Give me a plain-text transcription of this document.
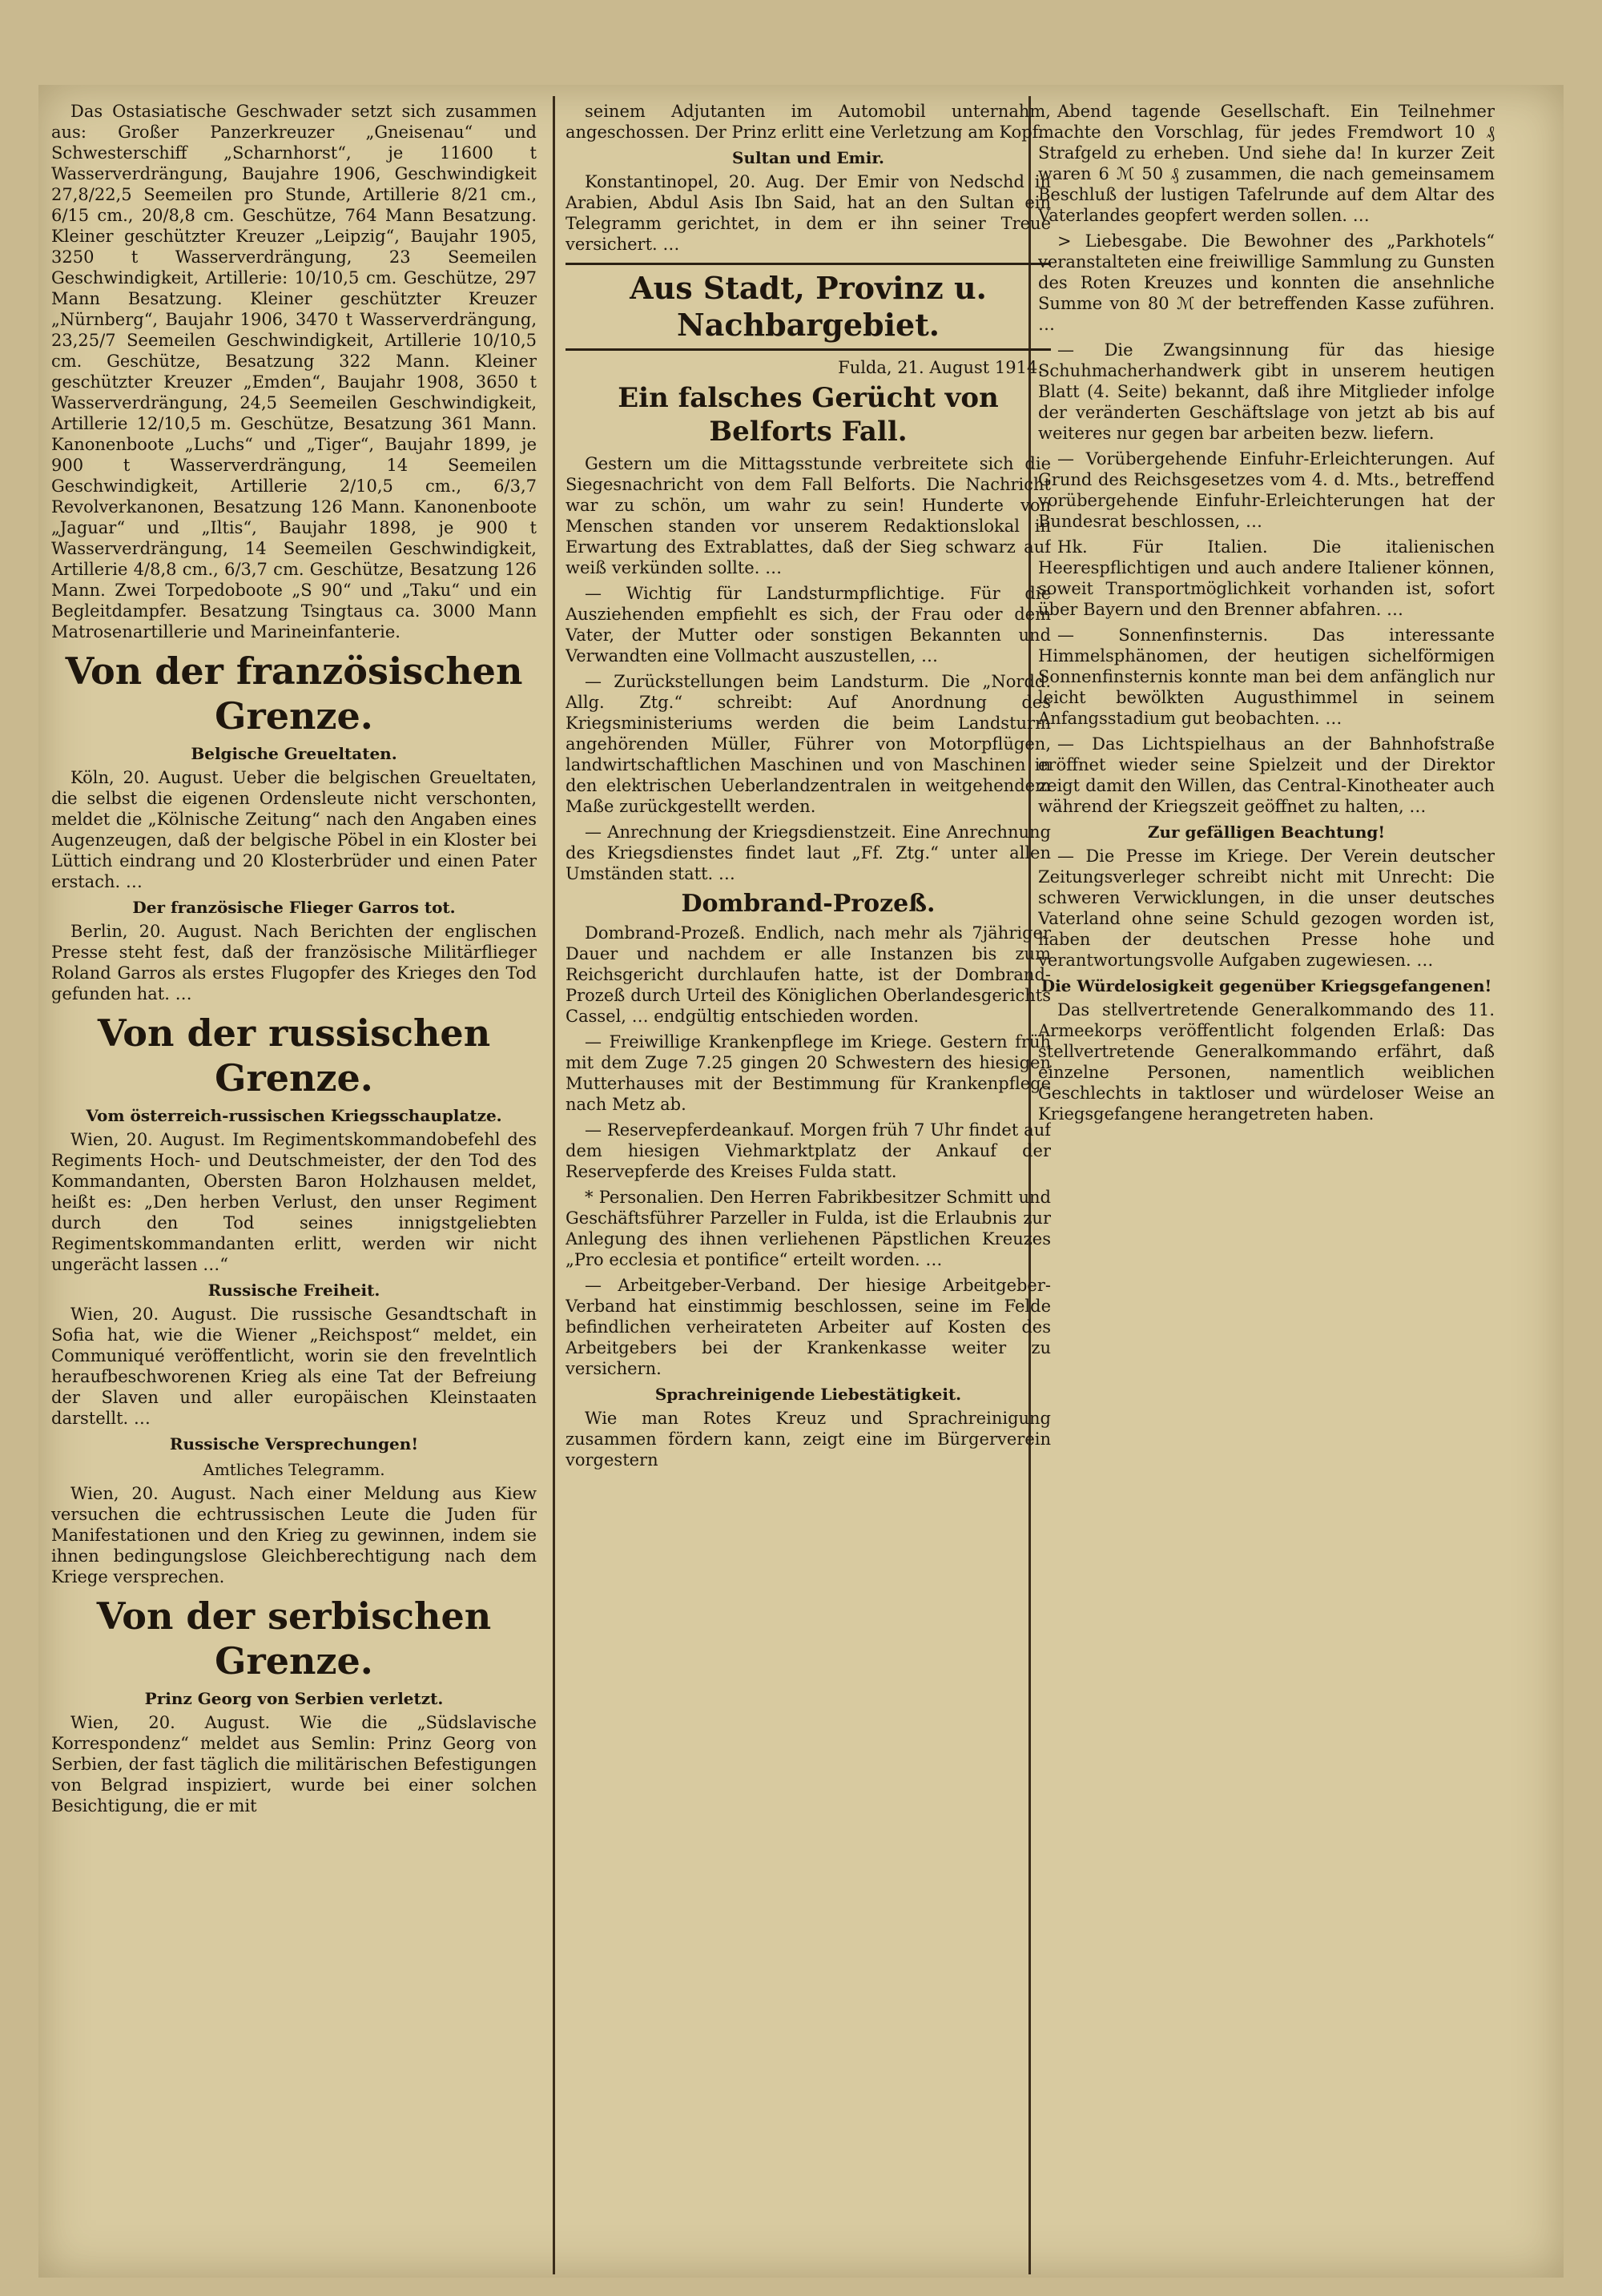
Das Ostasiatische Geschwader setzt sich zusammen aus: Großer Panzerkreuzer „Gneisenau“ und Schwesterschiff „Scharnhorst“, je 11600 t Wasserverdrängung, Baujahre 1906, Geschwindigkeit 27,8/22,5 Seemeilen pro Stunde, Artillerie 8/21 cm., 6/15 cm., 20/8,8 cm. Geschütze, 764 Mann Besatzung. Kleiner geschützter Kreuzer „Leipzig“, Baujahr 1905, 3250 t Wasserverdrängung, 23 Seemeilen Geschwindigkeit, Artillerie: 10/10,5 cm. Geschütze, 297 Mann Besatzung. Kleiner geschützter Kreuzer „Nürnberg“, Baujahr 1906, 3470 t Wasserverdrängung, 23,25/7 Seemeilen Geschwindigkeit, Artillerie 10/10,5 cm. Geschütze, Besatzung 322 Mann. Kleiner geschützter Kreuzer „Emden“, Baujahr 1908, 3650 t Wasserverdrängung, 24,5 Seemeilen Geschwindigkeit, Artillerie 12/10,5 m. Geschütze, Besatzung 361 Mann. Kanonenboote „Luchs“ und „Tiger“, Baujahr 1899, je 900 t Wasserverdrängung, 14 Seemeilen Geschwindigkeit, Artillerie 2/10,5 cm., 6/3,7 Revolverkanonen, Besatzung 126 Mann. Kanonenboote „Jaguar“ und „Iltis“, Baujahr 1898, je 900 t Wasserverdrängung, 14 Seemeilen Geschwindigkeit, Artillerie 4/8,8 cm., 6/3,7 cm. Geschütze, Besatzung 126 Mann. Zwei Torpedoboote „S 90“ und „Taku“ und ein Begleitdampfer. Besatzung Tsingtaus ca. 3000 Mann Matrosenartillerie und Marineinfanterie.

Von der französischen Grenze.
Belgische Greueltaten.

Köln, 20. August. Ueber die belgischen Greueltaten, die selbst die eigenen Ordensleute nicht verschonten, meldet die „Kölnische Zeitung“ nach den Angaben eines Augenzeugen, daß der belgische Pöbel in ein Kloster bei Lüttich eindrang und 20 Klosterbrüder und einen Pater erstach. …

Der französische Flieger Garros tot.

Berlin, 20. August. Nach Berichten der englischen Presse steht fest, daß der französische Militärflieger Roland Garros als erstes Flugopfer des Krieges den Tod gefunden hat. …

Von der russischen Grenze.
Vom österreich-russischen Kriegsschauplatze.

Wien, 20. August. Im Regimentskommandobefehl des Regiments Hoch- und Deutschmeister, der den Tod des Kommandanten, Obersten Baron Holzhausen meldet, heißt es: „Den herben Verlust, den unser Regiment durch den Tod seines innigstgeliebten Regimentskommandanten erlitt, werden wir nicht ungerächt lassen …“

Russische Freiheit.

Wien, 20. August. Die russische Gesandtschaft in Sofia hat, wie die Wiener „Reichspost“ meldet, ein Communiqué veröffentlicht, worin sie den frevelntlich heraufbeschworenen Krieg als eine Tat der Befreiung der Slaven und aller europäischen Kleinstaaten darstellt. …

Russische Versprechungen!
Amtliches Telegramm.

Wien, 20. August. Nach einer Meldung aus Kiew versuchen die echtrussischen Leute die Juden für Manifestationen und den Krieg zu gewinnen, indem sie ihnen bedingungslose Gleichberechtigung nach dem Kriege versprechen.

Von der serbischen Grenze.
Prinz Georg von Serbien verletzt.

Wien, 20. August. Wie die „Südslavische Korrespondenz“ meldet aus Semlin: Prinz Georg von Serbien, der fast täglich die militärischen Befestigungen von Belgrad inspiziert, wurde bei einer solchen Besichtigung, die er mit

seinem Adjutanten im Automobil unternahm, angeschossen. Der Prinz erlitt eine Verletzung am Kopf.

Sultan und Emir.

Konstantinopel, 20. Aug. Der Emir von Nedschd in Arabien, Abdul Asis Ibn Said, hat an den Sultan ein Telegramm gerichtet, in dem er ihn seiner Treue versichert. …

Aus Stadt, Provinz u. Nachbargebiet.
Fulda, 21. August 1914.
Ein falsches Gerücht von Belforts Fall.

Gestern um die Mittagsstunde verbreitete sich die Siegesnachricht von dem Fall Belforts. Die Nachricht war zu schön, um wahr zu sein! Hunderte von Menschen standen vor unserem Redaktionslokal in Erwartung des Extrablattes, daß der Sieg schwarz auf weiß verkünden sollte. …

— Wichtig für Landsturmpflichtige. Für die Ausziehenden empfiehlt es sich, der Frau oder dem Vater, der Mutter oder sonstigen Bekannten und Verwandten eine Vollmacht auszustellen, …

— Zurückstellungen beim Landsturm. Die „Nordd. Allg. Ztg.“ schreibt: Auf Anordnung des Kriegsministeriums werden die beim Landsturm angehörenden Müller, Führer von Motorpflügen, landwirtschaftlichen Maschinen und von Maschinen in den elektrischen Ueberlandzentralen in weitgehendem Maße zurückgestellt werden.

— Anrechnung der Kriegsdienstzeit. Eine Anrechnung des Kriegsdienstes findet laut „Ff. Ztg.“ unter allen Umständen statt. …

Dombrand-Prozeß.

Dombrand-Prozeß. Endlich, nach mehr als 7jähriger Dauer und nachdem er alle Instanzen bis zum Reichsgericht durchlaufen hatte, ist der Dombrand-Prozeß durch Urteil des Königlichen Oberlandesgerichts Cassel, … endgültig entschieden worden.

— Freiwillige Krankenpflege im Kriege. Gestern früh mit dem Zuge 7.25 gingen 20 Schwestern des hiesigen Mutterhauses mit der Bestimmung für Krankenpflege nach Metz ab.

— Reservepferdeankauf. Morgen früh 7 Uhr findet auf dem hiesigen Viehmarktplatz der Ankauf der Reservepferde des Kreises Fulda statt.

* Personalien. Den Herren Fabrikbesitzer Schmitt und Geschäftsführer Parzeller in Fulda, ist die Erlaubnis zur Anlegung des ihnen verliehenen Päpstlichen Kreuzes „Pro ecclesia et pontifice“ erteilt worden. …

— Arbeitgeber-Verband. Der hiesige Arbeitgeber-Verband hat einstimmig beschlossen, seine im Felde befindlichen verheirateten Arbeiter auf Kosten des Arbeitgebers bei der Krankenkasse weiter zu versichern.

Sprachreinigende Liebestätigkeit.

Wie man Rotes Kreuz und Sprachreinigung zusammen fördern kann, zeigt eine im Bürgerverein vorgestern

Abend tagende Gesellschaft. Ein Teilnehmer machte den Vorschlag, für jedes Fremdwort 10 ₰ Strafgeld zu erheben. Und siehe da! In kurzer Zeit waren 6 ℳ 50 ₰ zusammen, die nach gemeinsamem Beschluß der lustigen Tafelrunde auf dem Altar des Vaterlandes geopfert werden sollen. …

> Liebesgabe. Die Bewohner des „Parkhotels“ veranstalteten eine freiwillige Sammlung zu Gunsten des Roten Kreuzes und konnten die ansehnliche Summe von 80 ℳ der betreffenden Kasse zuführen. …

— Die Zwangsinnung für das hiesige Schuhmacherhandwerk gibt in unserem heutigen Blatt (4. Seite) bekannt, daß ihre Mitglieder infolge der veränderten Geschäftslage von jetzt ab bis auf weiteres nur gegen bar arbeiten bezw. liefern.

— Vorübergehende Einfuhr-Erleichterungen. Auf Grund des Reichsgesetzes vom 4. d. Mts., betreffend vorübergehende Einfuhr-Erleichterungen hat der Bundesrat beschlossen, …

Hk. Für Italien. Die italienischen Heerespflichtigen und auch andere Italiener können, soweit Transportmöglichkeit vorhanden ist, sofort über Bayern und den Brenner abfahren. …

— Sonnenfinsternis. Das interessante Himmelsphänomen, der heutigen sichelförmigen Sonnenfinsternis konnte man bei dem anfänglich nur leicht bewölkten Augusthimmel in seinem Anfangsstadium gut beobachten. …

— Das Lichtspielhaus an der Bahnhofstraße eröffnet wieder seine Spielzeit und der Direktor zeigt damit den Willen, das Central-Kinotheater auch während der Kriegszeit geöffnet zu halten, …

Zur gefälligen Beachtung!

— Die Presse im Kriege. Der Verein deutscher Zeitungsverleger schreibt nicht mit Unrecht: Die schweren Verwicklungen, in die unser deutsches Vaterland ohne seine Schuld gezogen worden ist, haben der deutschen Presse hohe und verantwortungsvolle Aufgaben zugewiesen. …

Die Würdelosigkeit gegenüber Kriegsgefangenen!

Das stellvertretende Generalkommando des 11. Armeekorps veröffentlicht folgenden Erlaß: Das stellvertretende Generalkommando erfährt, daß einzelne Personen, namentlich weiblichen Geschlechts in taktloser und würdeloser Weise an Kriegsgefangene herangetreten haben.
